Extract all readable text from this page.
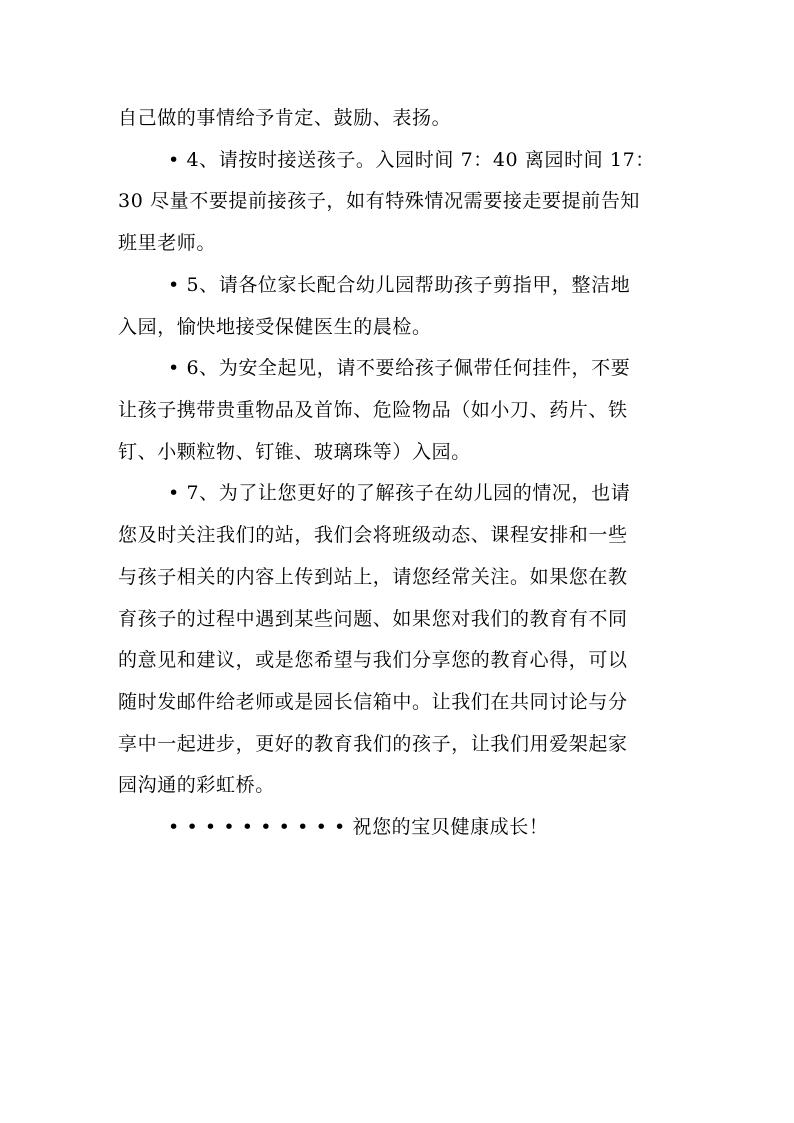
自己做的事情给予肯定、鼓励、表扬。
• 4、请按时接送孩子。入园时间 7：40 离园时间 17：
30 尽量不要提前接孩子，如有特殊情况需要接走要提前告知
班里老师。
• 5、请各位家长配合幼儿园帮助孩子剪指甲，整洁地
入园，愉快地接受保健医生的晨检。
• 6、为安全起见，请不要给孩子佩带任何挂件，不要
让孩子携带贵重物品及首饰、危险物品（如小刀、药片、铁
钉、小颗粒物、钉锥、玻璃珠等）入园。
• 7、为了让您更好的了解孩子在幼儿园的情况，也请
您及时关注我们的站，我们会将班级动态、课程安排和一些
与孩子相关的内容上传到站上，请您经常关注。如果您在教
育孩子的过程中遇到某些问题、如果您对我们的教育有不同
的意见和建议，或是您希望与我们分享您的教育心得，可以
随时发邮件给老师或是园长信箱中。让我们在共同讨论与分
享中一起进步，更好的教育我们的孩子，让我们用爱架起家
园沟通的彩虹桥。
• • • • • • • • • • 祝您的宝贝健康成长！
